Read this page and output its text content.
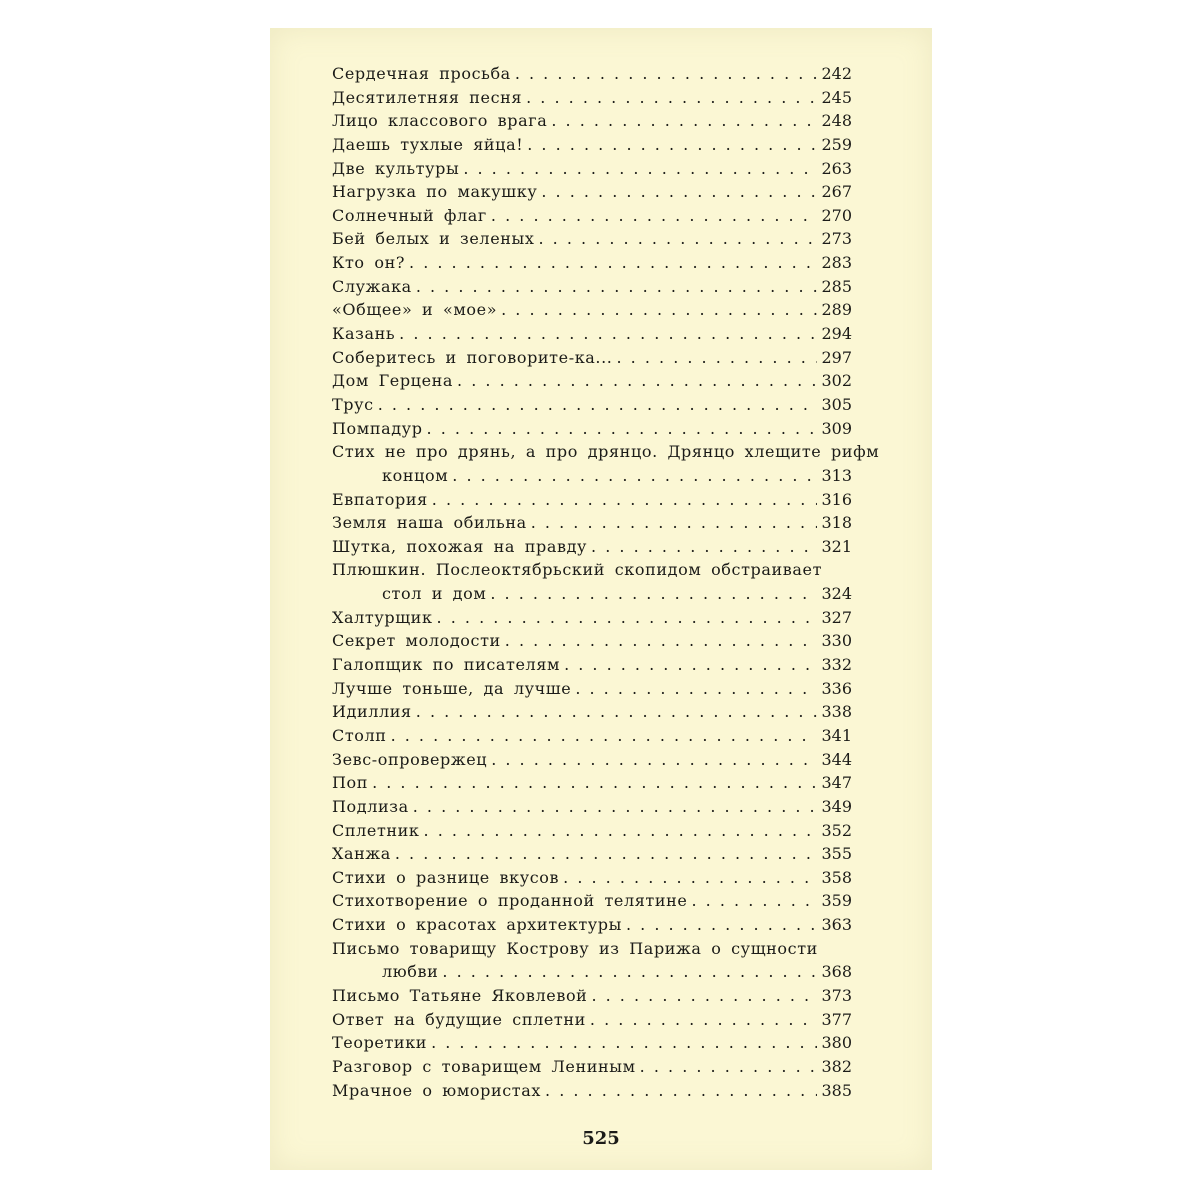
Сердечная просьба . . .	242
Десятилетняя песня . . .	245
Лицо классового врага . . .	248
Даешь тухлые яйца! . . .	259
Две культуры . . .	263
Нагрузка по макушку . . .	267
Солнечный флаг . . .	270
Бей белых и зеленых . . .	273
Кто он? . . .	283
Служака . . .	285
«Общее» и «мое» . . .	289
Казань . . .	294
Соберитесь и поговорите-ка... . . .	297
Дом Герцена . . .	302
Трус . . .	305
Помпадур . . .	309
Стих не про дрянь, а про дрянцо. Дрянцо хлещите рифм
концом . . .	313
Евпатория . . .	316
Земля наша обильна . . .	318
Шутка, похожая на правду . . .	321
Плюшкин. Послеоктябрьский скопидом обстраивает
стол и дом . . .	324
Халтурщик . . .	327
Секрет молодости . . .	330
Галопщик по писателям . . .	332
Лучше тоньше, да лучше . . .	336
Идиллия . . .	338
Столп . . .	341
Зевс-опровержец . . .	344
Поп . . .	347
Подлиза . . .	349
Сплетник . . .	352
Ханжа . . .	355
Стихи о разнице вкусов . . .	358
Стихотворение о проданной телятине . . .	359
Стихи о красотах архитектуры . . .	363
Письмо товарищу Кострову из Парижа о сущности
любви . . .	368
Письмо Татьяне Яковлевой . . .	373
Ответ на будущие сплетни . . .	377
Теоретики . . .	380
Разговор с товарищем Лениным . . .	382
Мрачное о юмористах . . .	385
525
